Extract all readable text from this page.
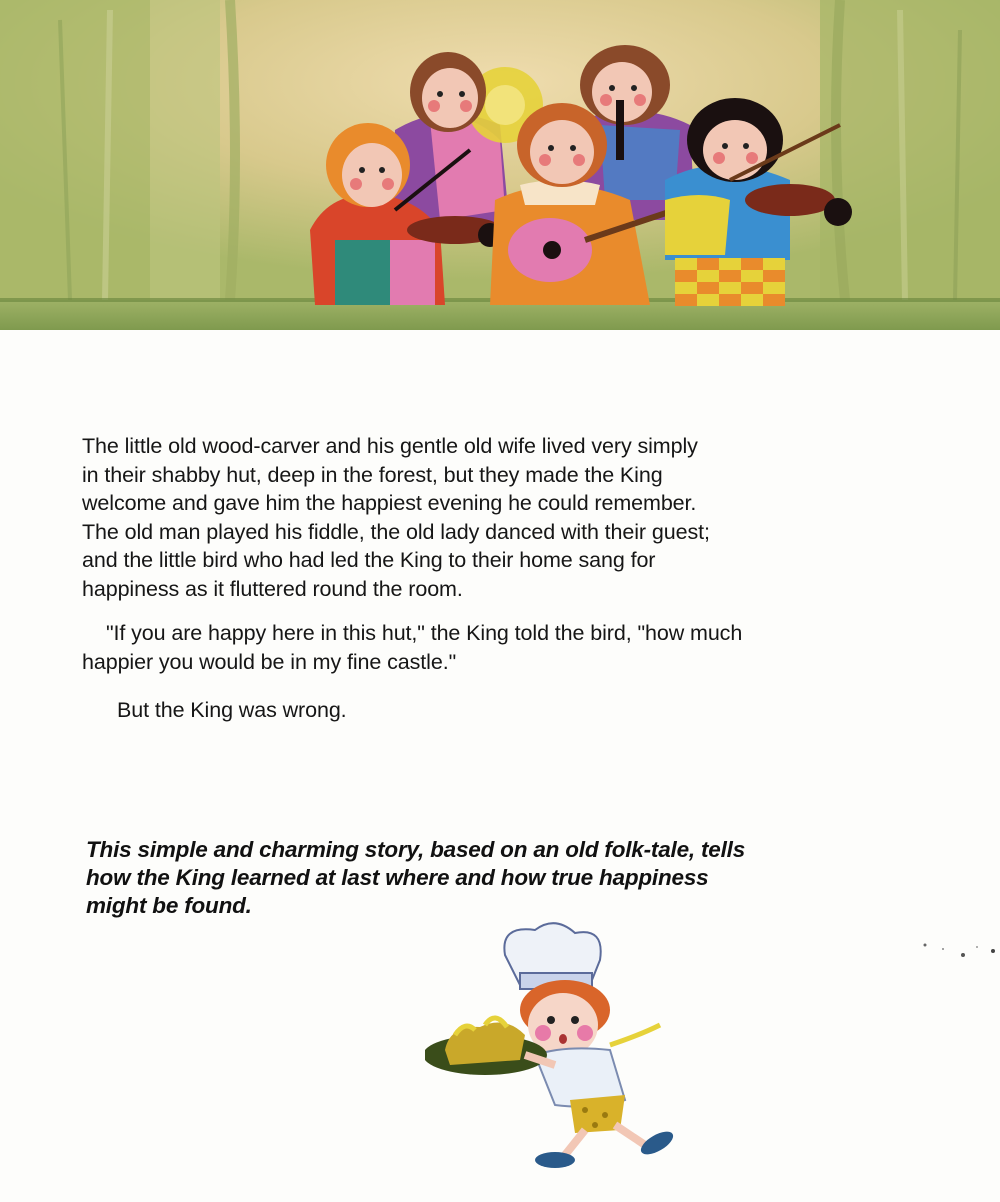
The little old wood-carver and his gentle old wife lived very simply
in their shabby hut, deep in the forest, but they made the King
welcome and gave him the happiest evening he could remember.
The old man played his fiddle, the old lady danced with their guest;
and the little bird who had led the King to their home sang for
happiness as it fluttered round the room.

"If you are happy here in this hut," the King told the bird, "how much
happier you would be in my fine castle."

But the King was wrong.

This simple and charming story, based on an old folk-tale, tells
how the King learned at last where and how true happiness
might be found.
